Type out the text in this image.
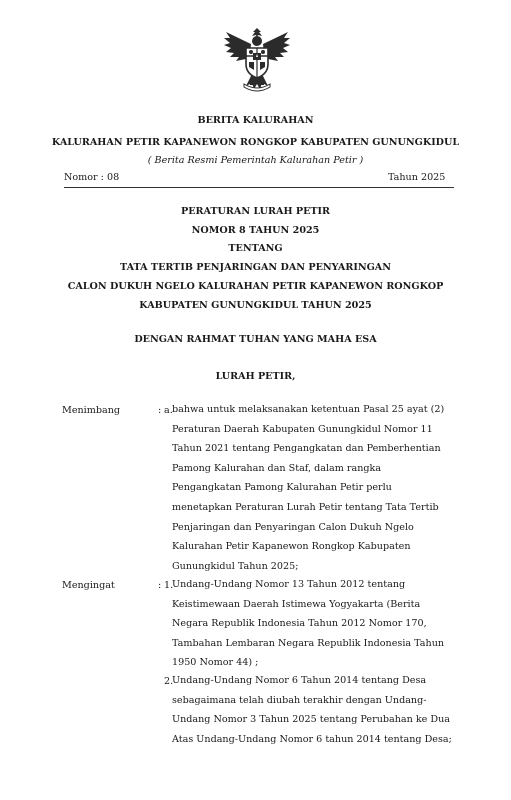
BERITA KALURAHAN
KALURAHAN PETIR KAPANEWON RONGKOP KABUPATEN GUNUNGKIDUL
( Berita Resmi Pemerintah Kalurahan Petir )
Nomor : 08	Tahun 2025
PERATURAN LURAH PETIR
NOMOR 8 TAHUN 2025
TENTANG
TATA TERTIB PENJARINGAN DAN PENYARINGAN
CALON DUKUH NGELO KALURAHAN PETIR KAPANEWON RONGKOP
KABUPATEN GUNUNGKIDUL TAHUN 2025
DENGAN RAHMAT TUHAN YANG MAHA ESA
LURAH PETIR,
Menimbang	: a. bahwa untuk melaksanakan ketentuan Pasal 25 ayat (2)
Peraturan Daerah Kabupaten Gunungkidul Nomor 11
Tahun 2021 tentang Pengangkatan dan Pemberhentian
Pamong Kalurahan dan Staf, dalam rangka
Pengangkatan Pamong Kalurahan Petir perlu
menetapkan Peraturan Lurah Petir tentang Tata Tertib
Penjaringan dan Penyaringan Calon Dukuh Ngelo
Kalurahan Petir Kapanewon Rongkop Kabupaten
Gunungkidul Tahun 2025;
Mengingat	: 1.
Undang-Undang Nomor 13 Tahun 2012 tentang
Keistimewaan Daerah Istimewa Yogyakarta (Berita
Negara Republik Indonesia Tahun 2012 Nomor 170,
Tambahan Lembaran Negara Republik Indonesia Tahun
1950 Nomor 44) ;
2.
Undang-Undang Nomor 6 Tahun 2014 tentang Desa
sebagaimana telah diubah terakhir dengan Undang-
Undang Nomor 3 Tahun 2025 tentang Perubahan ke Dua
Atas Undang-Undang Nomor 6 tahun 2014 tentang Desa;
